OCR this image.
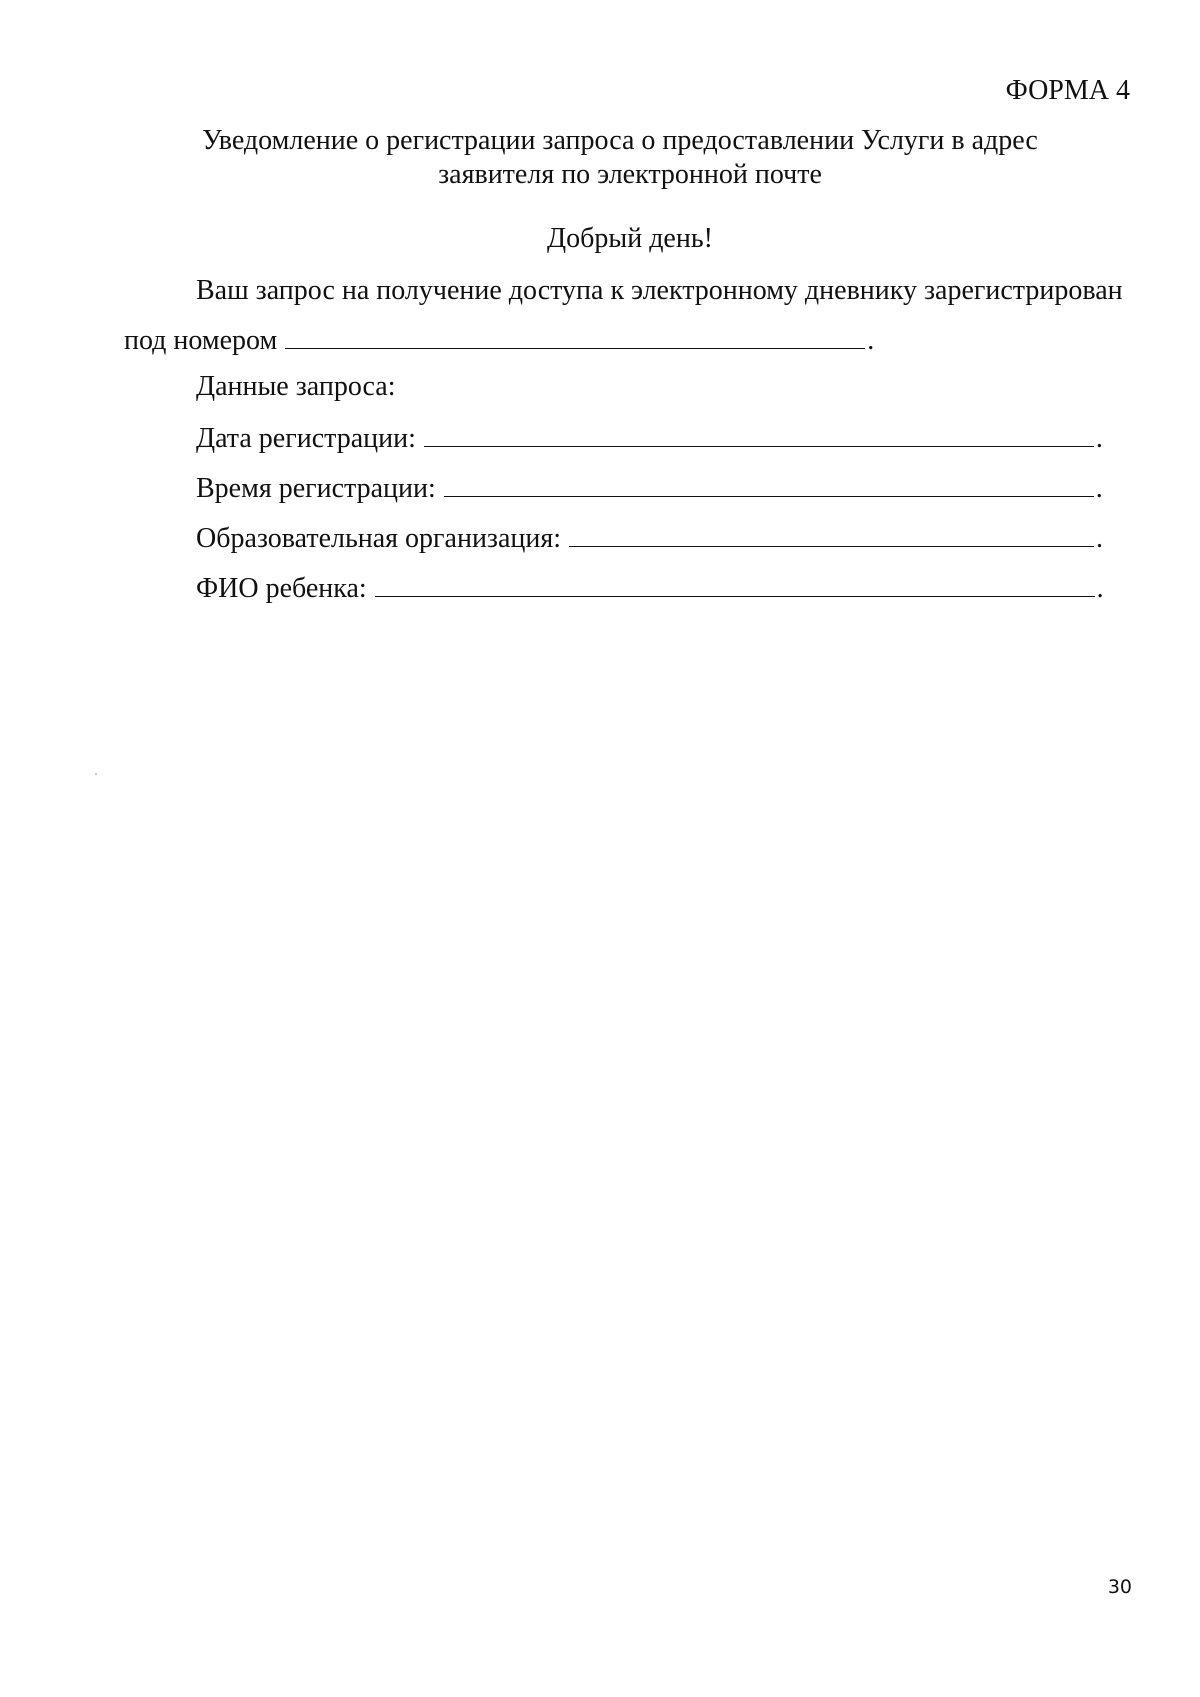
ФОРМА 4
Уведомление о регистрации запроса о предоставлении Услуги в адрес
заявителя по электронной почте
Добрый день!
Ваш запрос на получение доступа к электронному дневнику зарегистрирован
под номером	.
Данные запроса:
Дата регистрации:	.
Время регистрации:	.
Образовательная организация:	.
ФИО ребенка:	.
30
